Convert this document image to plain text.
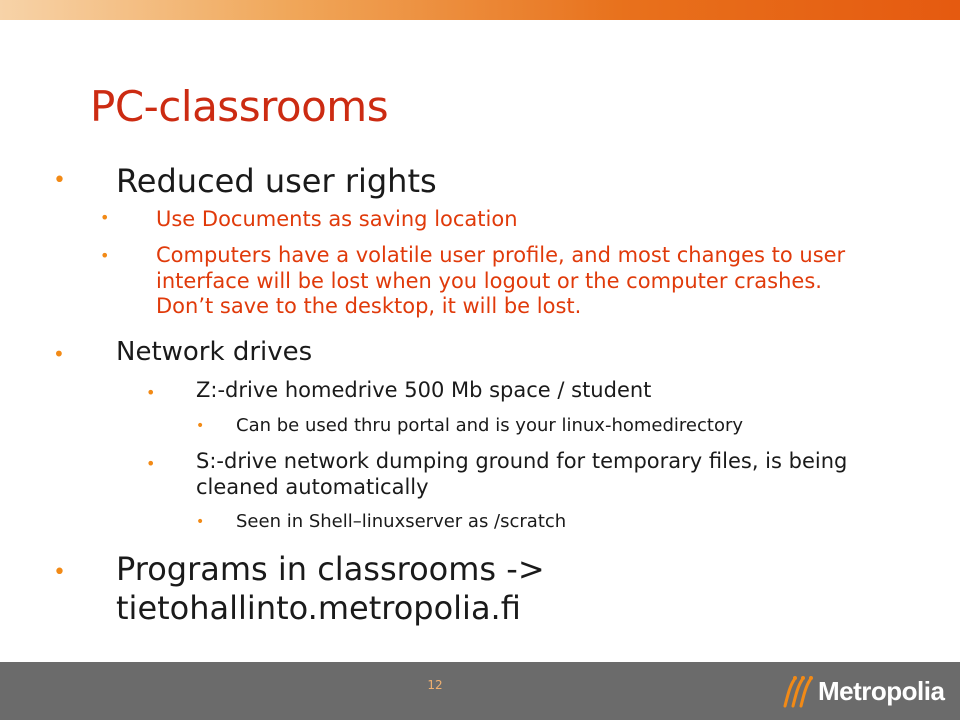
PC-classrooms
• Reduced user rights

• Use Documents as saving location

• Computers have a volatile user profile, and most changes to user interface will be lost when you logout or the computer crashes. Don’t save to the desktop, it will be lost.

• Network drives

• Z:-drive homedrive 500 Mb space / student

• Can be used thru portal and is your linux-homedirectory

• S:-drive network dumping ground for temporary files, is being cleaned automatically

• Seen in Shell–linuxserver as /scratch

• Programs in classrooms -> tietohallinto.metropolia.fi

12	Metropolia
